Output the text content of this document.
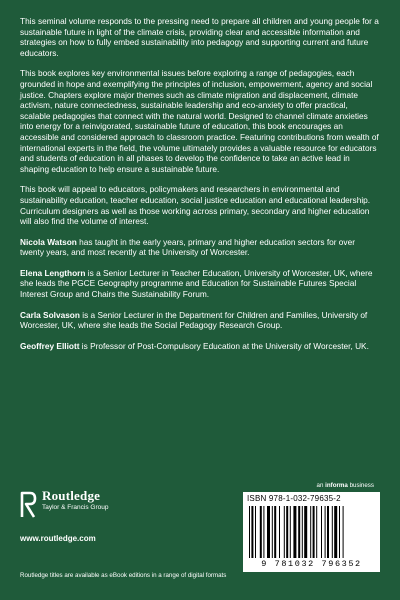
This seminal volume responds to the pressing need to prepare all children and young people for a sustainable future in light of the climate crisis, providing clear and accessible information and strategies on how to fully embed sustainability into pedagogy and supporting current and future educators.

This book explores key environmental issues before exploring a range of pedagogies, each grounded in hope and exemplifying the principles of inclusion, empowerment, agency and social justice. Chapters explore major themes such as climate migration and displacement, climate activism, nature connectedness, sustainable leadership and eco-anxiety to offer practical, scalable pedagogies that connect with the natural world. Designed to channel climate anxieties into energy for a reinvigorated, sustainable future of education, this book encourages an accessible and considered approach to classroom practice. Featuring contributions from wealth of international experts in the field, the volume ultimately provides a valuable resource for educators and students of education in all phases to develop the confidence to take an active lead in shaping education to help ensure a sustainable future.

This book will appeal to educators, policymakers and researchers in environmental and sustainability education, teacher education, social justice education and educational leadership. Curriculum designers as well as those working across primary, secondary and higher education will also find the volume of interest.

Nicola Watson has taught in the early years, primary and higher education sectors for over twenty years, and most recently at the University of Worcester.

Elena Lengthorn is a Senior Lecturer in Teacher Education, University of Worcester, UK, where she leads the PGCE Geography programme and Education for Sustainable Futures Special Interest Group and Chairs the Sustainability Forum.

Carla Solvason is a Senior Lecturer in the Department for Children and Families, University of Worcester, UK, where she leads the Social Pedagogy Research Group.

Geoffrey Elliott is Professor of Post-Compulsory Education at the University of Worcester, UK.

Routledge
Taylor & Francis Group
www.routledge.com
Routledge titles are available as eBook editions in a range of digital formats
an informa business
ISBN 978-1-032-79635-2
9 781032 796352
